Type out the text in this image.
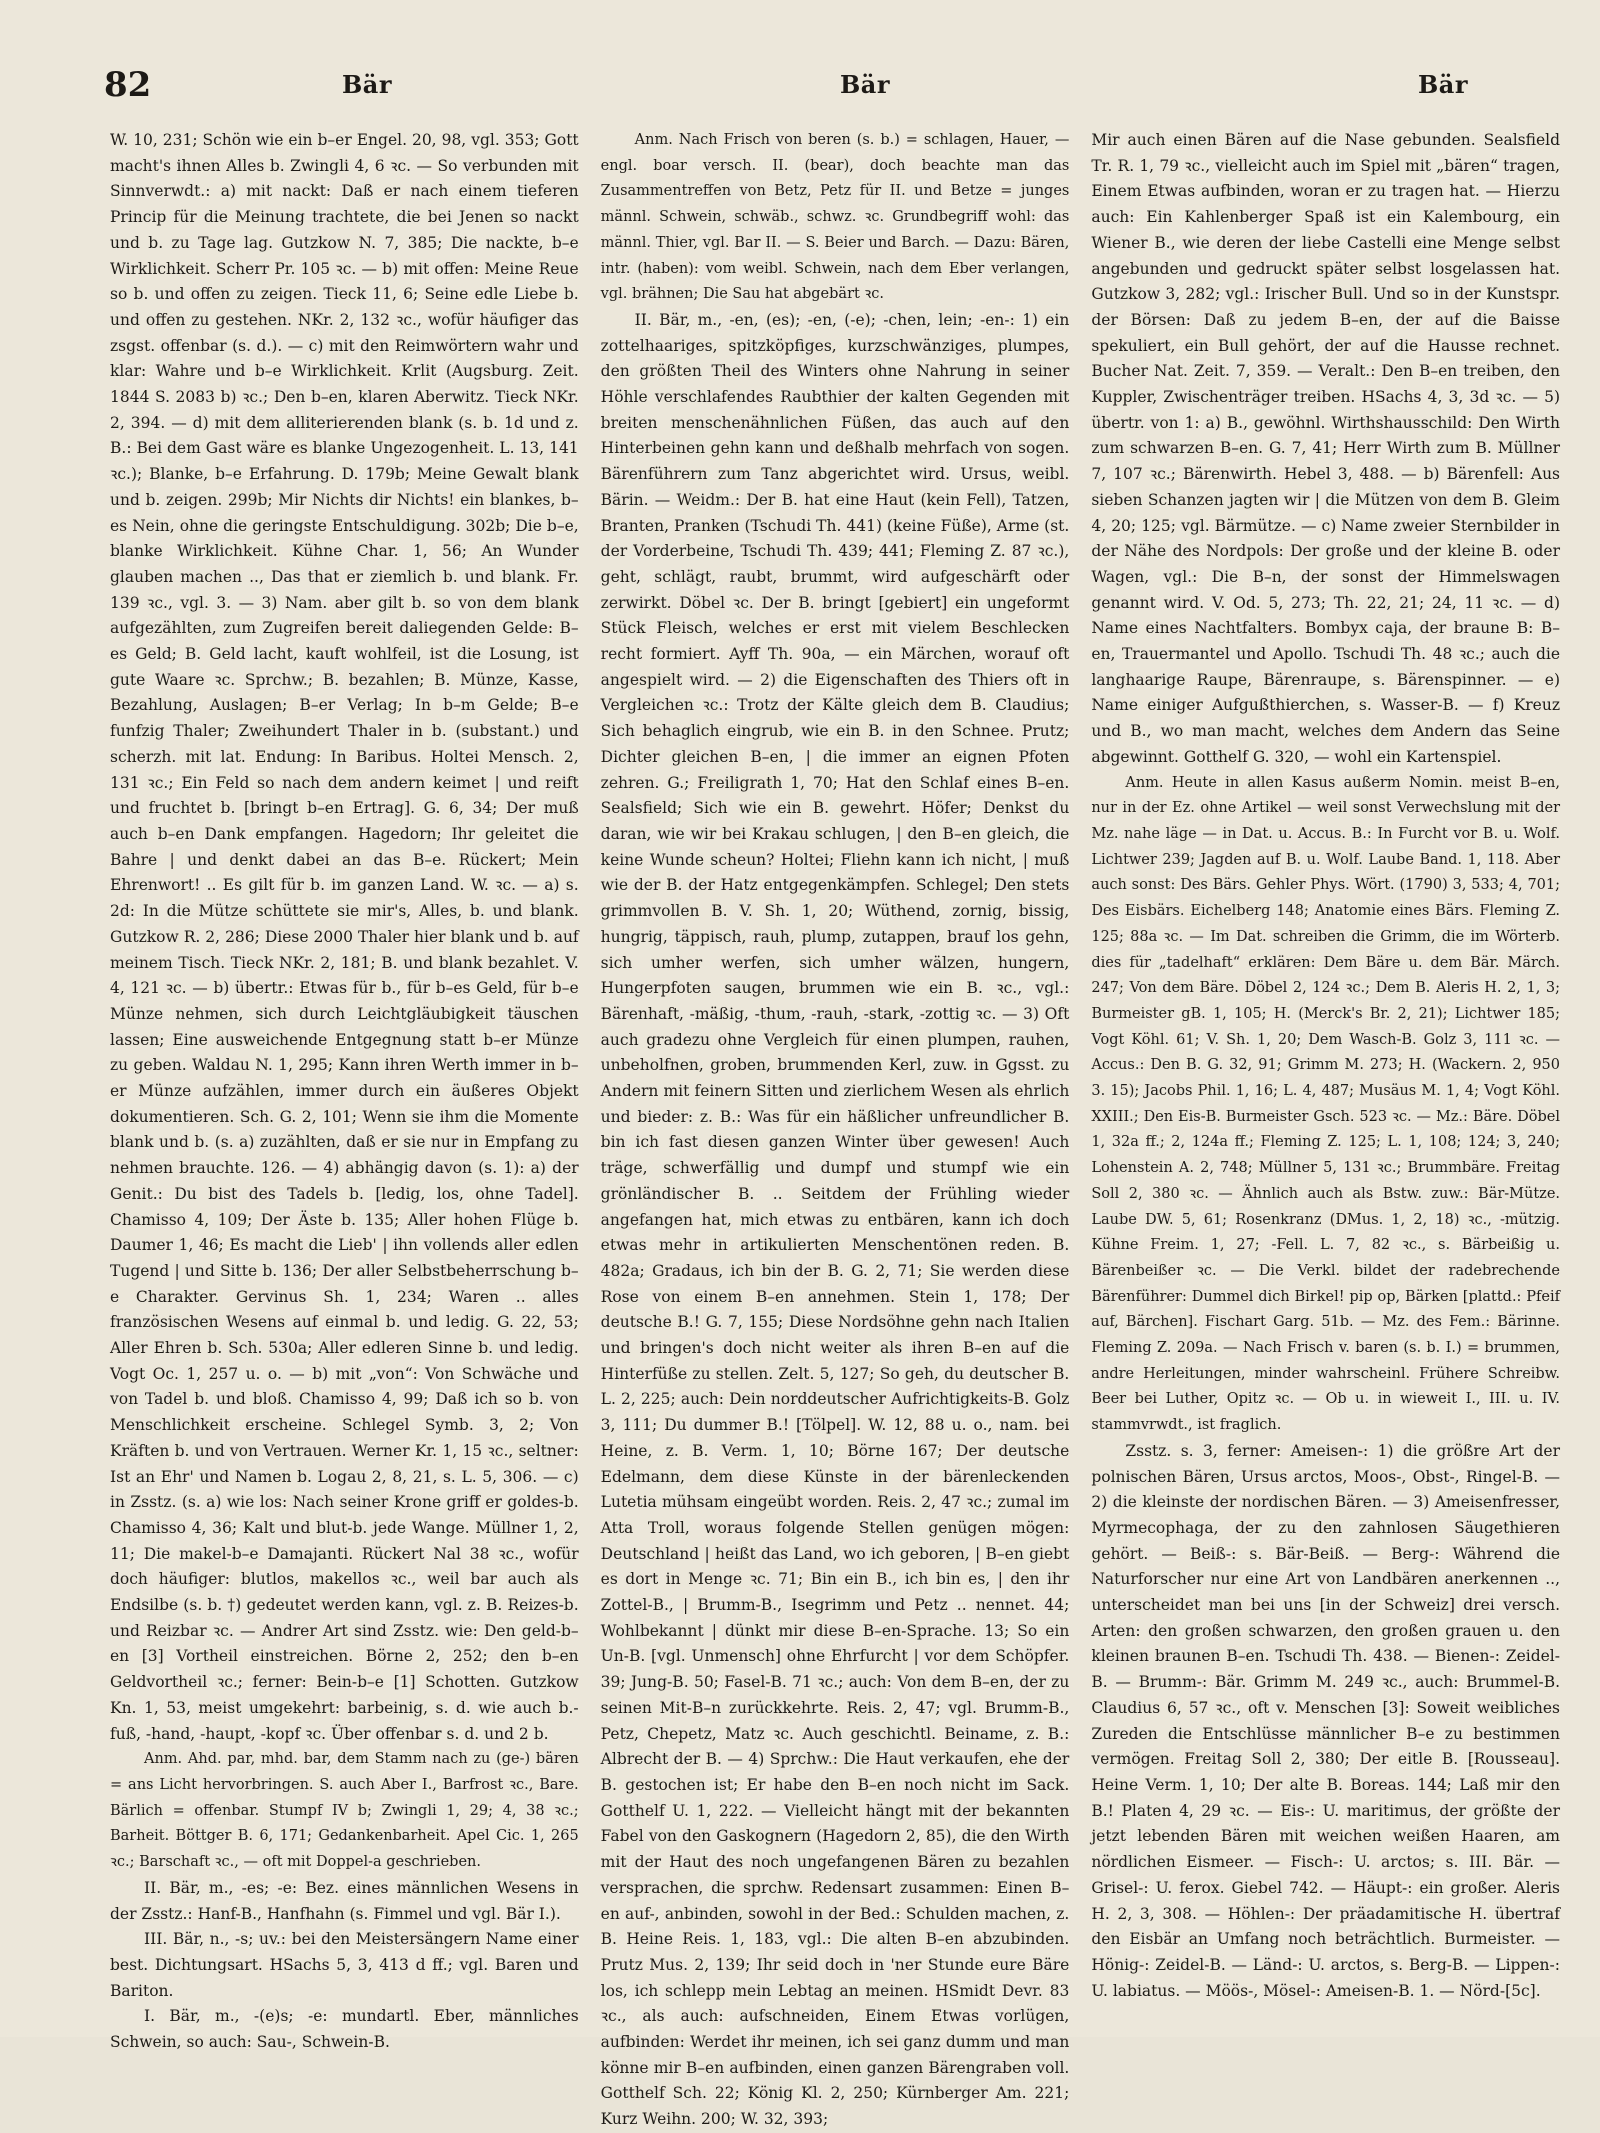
82	Bär	Bär	Bär

W. 10, 231; Schön wie ein b–er Engel. 20, 98, vgl. 353; Gott macht's ihnen Alles b. Zwingli 4, 6 ꝛc. — So verbunden mit Sinnverwdt.: a) mit nackt: Daß er nach einem tieferen Princip für die Meinung trachtete, die bei Jenen so nackt und b. zu Tage lag. Gutzkow N. 7, 385; Die nackte, b–e Wirklichkeit. Scherr Pr. 105 ꝛc. — b) mit offen: Meine Reue so b. und offen zu zeigen. Tieck 11, 6; Seine edle Liebe b. und offen zu gestehen. NKr. 2, 132 ꝛc., wofür häufiger das zsgst. offenbar (s. d.). — c) mit den Reimwörtern wahr und klar: Wahre und b–e Wirklichkeit. Krlit (Augsburg. Zeit. 1844 S. 2083 b) ꝛc.; Den b–en, klaren Aberwitz. Tieck NKr. 2, 394. — d) mit dem alliterierenden blank (s. b. 1d und z. B.: Bei dem Gast wäre es blanke Ungezogenheit. L. 13, 141 ꝛc.); Blanke, b–e Erfahrung. D. 179b; Meine Gewalt blank und b. zeigen. 299b; Mir Nichts dir Nichts! ein blankes, b–es Nein, ohne die geringste Entschuldigung. 302b; Die b–e, blanke Wirklichkeit. Kühne Char. 1, 56; An Wunder glauben machen .., Das that er ziemlich b. und blank. Fr. 139 ꝛc., vgl. 3. — 3) Nam. aber gilt b. so von dem blank aufgezählten, zum Zugreifen bereit daliegenden Gelde: B–es Geld; B. Geld lacht, kauft wohlfeil, ist die Losung, ist gute Waare ꝛc. Sprchw.; B. bezahlen; B. Münze, Kasse, Bezahlung, Auslagen; B–er Verlag; In b–m Gelde; B–e funfzig Thaler; Zweihundert Thaler in b. (substant.) und scherzh. mit lat. Endung: In Baribus. Holtei Mensch. 2, 131 ꝛc.; Ein Feld so nach dem andern keimet | und reift und fruchtet b. [bringt b–en Ertrag]. G. 6, 34; Der muß auch b–en Dank empfangen. Hagedorn; Ihr geleitet die Bahre | und denkt dabei an das B–e. Rückert; Mein Ehrenwort! .. Es gilt für b. im ganzen Land. W. ꝛc. — a) s. 2d: In die Mütze schüttete sie mir's, Alles, b. und blank. Gutzkow R. 2, 286; Diese 2000 Thaler hier blank und b. auf meinem Tisch. Tieck NKr. 2, 181; B. und blank bezahlet. V. 4, 121 ꝛc. — b) übertr.: Etwas für b., für b–es Geld, für b–e Münze nehmen, sich durch Leichtgläubigkeit täuschen lassen; Eine ausweichende Entgegnung statt b–er Münze zu geben. Waldau N. 1, 295; Kann ihren Werth immer in b–er Münze aufzählen, immer durch ein äußeres Objekt dokumentieren. Sch. G. 2, 101; Wenn sie ihm die Momente blank und b. (s. a) zuzählten, daß er sie nur in Empfang zu nehmen brauchte. 126. — 4) abhängig davon (s. 1): a) der Genit.: Du bist des Tadels b. [ledig, los, ohne Tadel]. Chamisso 4, 109; Der Äste b. 135; Aller hohen Flüge b. Daumer 1, 46; Es macht die Lieb' | ihn vollends aller edlen Tugend | und Sitte b. 136; Der aller Selbstbeherrschung b–e Charakter. Gervinus Sh. 1, 234; Waren .. alles französischen Wesens auf einmal b. und ledig. G. 22, 53; Aller Ehren b. Sch. 530a; Aller edleren Sinne b. und ledig. Vogt Oc. 1, 257 u. o. — b) mit „von“: Von Schwäche und von Tadel b. und bloß. Chamisso 4, 99; Daß ich so b. von Menschlichkeit erscheine. Schlegel Symb. 3, 2; Von Kräften b. und von Vertrauen. Werner Kr. 1, 15 ꝛc., seltner: Ist an Ehr' und Namen b. Logau 2, 8, 21, s. L. 5, 306. — c) in Zsstz. (s. a) wie los: Nach seiner Krone griff er goldes-b. Chamisso 4, 36; Kalt und blut-b. jede Wange. Müllner 1, 2, 11; Die makel-b–e Damajanti. Rückert Nal 38 ꝛc., wofür doch häufiger: blutlos, makellos ꝛc., weil bar auch als Endsilbe (s. b. †) gedeutet werden kann, vgl. z. B. Reizes-b. und Reizbar ꝛc. — Andrer Art sind Zsstz. wie: Den geld-b–en [3] Vortheil einstreichen. Börne 2, 252; den b–en Geldvortheil ꝛc.; ferner: Bein-b–e [1] Schotten. Gutzkow Kn. 1, 53, meist umgekehrt: barbeinig, s. d. wie auch b.-fuß, -hand, -haupt, -kopf ꝛc. Über offenbar s. d. und 2 b.

Anm. Ahd. par, mhd. bar, dem Stamm nach zu (ge-) bären = ans Licht hervorbringen. S. auch Aber I., Barfrost ꝛc., Bare. Bärlich = offenbar. Stumpf IV b; Zwingli 1, 29; 4, 38 ꝛc.; Barheit. Böttger B. 6, 171; Gedankenbarheit. Apel Cic. 1, 265 ꝛc.; Barschaft ꝛc., — oft mit Doppel-a geschrieben.

II. Bär, m., -es; -e: Bez. eines männlichen Wesens in der Zsstz.: Hanf-B., Hanfhahn (s. Fimmel und vgl. Bär I.).

III. Bär, n., -s; uv.: bei den Meistersängern Name einer best. Dichtungsart. HSachs 5, 3, 413 d ff.; vgl. Baren und Bariton.

I. Bär, m., -(e)s; -e: mundartl. Eber, männliches Schwein, so auch: Sau-, Schwein-B.

Anm. Nach Frisch von beren (s. b.) = schlagen, Hauer, — engl. boar versch. II. (bear), doch beachte man das Zusammentreffen von Betz, Petz für II. und Betze = junges männl. Schwein, schwäb., schwz. ꝛc. Grundbegriff wohl: das männl. Thier, vgl. Bar II. — S. Beier und Barch. — Dazu: Bären, intr. (haben): vom weibl. Schwein, nach dem Eber verlangen, vgl. brähnen; Die Sau hat abgebärt ꝛc.

II. Bär, m., -en, (es); -en, (-e); -chen, lein; -en-: 1) ein zottelhaariges, spitzköpfiges, kurzschwänziges, plumpes, den größten Theil des Winters ohne Nahrung in seiner Höhle verschlafendes Raubthier der kalten Gegenden mit breiten menschenähnlichen Füßen, das auch auf den Hinterbeinen gehn kann und deßhalb mehrfach von sogen. Bärenführern zum Tanz abgerichtet wird. Ursus, weibl. Bärin. — Weidm.: Der B. hat eine Haut (kein Fell), Tatzen, Branten, Pranken (Tschudi Th. 441) (keine Füße), Arme (st. der Vorderbeine, Tschudi Th. 439; 441; Fleming Z. 87 ꝛc.), geht, schlägt, raubt, brummt, wird aufgeschärft oder zerwirkt. Döbel ꝛc. Der B. bringt [gebiert] ein ungeformt Stück Fleisch, welches er erst mit vielem Beschlecken recht formiert. Ayff Th. 90a, — ein Märchen, worauf oft angespielt wird. — 2) die Eigenschaften des Thiers oft in Vergleichen ꝛc.: Trotz der Kälte gleich dem B. Claudius; Sich behaglich eingrub, wie ein B. in den Schnee. Prutz; Dichter gleichen B–en, | die immer an eignen Pfoten zehren. G.; Freiligrath 1, 70; Hat den Schlaf eines B–en. Sealsfield; Sich wie ein B. gewehrt. Höfer; Denkst du daran, wie wir bei Krakau schlugen, | den B–en gleich, die keine Wunde scheun? Holtei; Fliehn kann ich nicht, | muß wie der B. der Hatz entgegenkämpfen. Schlegel; Den stets grimmvollen B. V. Sh. 1, 20; Wüthend, zornig, bissig, hungrig, täppisch, rauh, plump, zutappen, brauf los gehn, sich umher werfen, sich umher wälzen, hungern, Hungerpfoten saugen, brummen wie ein B. ꝛc., vgl.: Bärenhaft, -mäßig, -thum, -rauh, -stark, -zottig ꝛc. — 3) Oft auch gradezu ohne Vergleich für einen plumpen, rauhen, unbeholfnen, groben, brummenden Kerl, zuw. in Ggsst. zu Andern mit feinern Sitten und zierlichem Wesen als ehrlich und bieder: z. B.: Was für ein häßlicher unfreundlicher B. bin ich fast diesen ganzen Winter über gewesen! Auch träge, schwerfällig und dumpf und stumpf wie ein grönländischer B. .. Seitdem der Frühling wieder angefangen hat, mich etwas zu entbären, kann ich doch etwas mehr in artikulierten Menschentönen reden. B. 482a; Gradaus, ich bin der B. G. 2, 71; Sie werden diese Rose von einem B–en annehmen. Stein 1, 178; Der deutsche B.! G. 7, 155; Diese Nordsöhne gehn nach Italien und bringen's doch nicht weiter als ihren B–en auf die Hinterfüße zu stellen. Zelt. 5, 127; So geh, du deutscher B. L. 2, 225; auch: Dein norddeutscher Aufrichtigkeits-B. Golz 3, 111; Du dummer B.! [Tölpel]. W. 12, 88 u. o., nam. bei Heine, z. B. Verm. 1, 10; Börne 167; Der deutsche Edelmann, dem diese Künste in der bärenleckenden Lutetia mühsam eingeübt worden. Reis. 2, 47 ꝛc.; zumal im Atta Troll, woraus folgende Stellen genügen mögen: Deutschland | heißt das Land, wo ich geboren, | B–en giebt es dort in Menge ꝛc. 71; Bin ein B., ich bin es, | den ihr Zottel-B., | Brumm-B., Isegrimm und Petz .. nennet. 44; Wohlbekannt | dünkt mir diese B–en-Sprache. 13; So ein Un-B. [vgl. Unmensch] ohne Ehrfurcht | vor dem Schöpfer. 39; Jung-B. 50; Fasel-B. 71 ꝛc.; auch: Von dem B–en, der zu seinen Mit-B–n zurückkehrte. Reis. 2, 47; vgl. Brumm-B., Petz, Chepetz, Matz ꝛc. Auch geschichtl. Beiname, z. B.: Albrecht der B. — 4) Sprchw.: Die Haut verkaufen, ehe der B. gestochen ist; Er habe den B–en noch nicht im Sack. Gotthelf U. 1, 222. — Vielleicht hängt mit der bekannten Fabel von den Gaskognern (Hagedorn 2, 85), die den Wirth mit der Haut des noch ungefangenen Bären zu bezahlen versprachen, die sprchw. Redensart zusammen: Einen B–en auf-, anbinden, sowohl in der Bed.: Schulden machen, z. B. Heine Reis. 1, 183, vgl.: Die alten B–en abzubinden. Prutz Mus. 2, 139; Ihr seid doch in 'ner Stunde eure Bäre los, ich schlepp mein Lebtag an meinen. HSmidt Devr. 83 ꝛc., als auch: aufschneiden, Einem Etwas vorlügen, aufbinden: Werdet ihr meinen, ich sei ganz dumm und man könne mir B–en aufbinden, einen ganzen Bärengraben voll. Gotthelf Sch. 22; König Kl. 2, 250; Kürnberger Am. 221; Kurz Weihn. 200; W. 32, 393;

Mir auch einen Bären auf die Nase gebunden. Sealsfield Tr. R. 1, 79 ꝛc., vielleicht auch im Spiel mit „bären“ tragen, Einem Etwas aufbinden, woran er zu tragen hat. — Hierzu auch: Ein Kahlenberger Spaß ist ein Kalembourg, ein Wiener B., wie deren der liebe Castelli eine Menge selbst angebunden und gedruckt später selbst losgelassen hat. Gutzkow 3, 282; vgl.: Irischer Bull. Und so in der Kunstspr. der Börsen: Daß zu jedem B–en, der auf die Baisse spekuliert, ein Bull gehört, der auf die Hausse rechnet. Bucher Nat. Zeit. 7, 359. — Veralt.: Den B–en treiben, den Kuppler, Zwischenträger treiben. HSachs 4, 3, 3d ꝛc. — 5) übertr. von 1: a) B., gewöhnl. Wirthshausschild: Den Wirth zum schwarzen B–en. G. 7, 41; Herr Wirth zum B. Müllner 7, 107 ꝛc.; Bärenwirth. Hebel 3, 488. — b) Bärenfell: Aus sieben Schanzen jagten wir | die Mützen von dem B. Gleim 4, 20; 125; vgl. Bärmütze. — c) Name zweier Sternbilder in der Nähe des Nordpols: Der große und der kleine B. oder Wagen, vgl.: Die B–n, der sonst der Himmelswagen genannt wird. V. Od. 5, 273; Th. 22, 21; 24, 11 ꝛc. — d) Name eines Nachtfalters. Bombyx caja, der braune B: B–en, Trauermantel und Apollo. Tschudi Th. 48 ꝛc.; auch die langhaarige Raupe, Bärenraupe, s. Bärenspinner. — e) Name einiger Aufgußthierchen, s. Wasser-B. — f) Kreuz und B., wo man macht, welches dem Andern das Seine abgewinnt. Gotthelf G. 320, — wohl ein Kartenspiel.

Anm. Heute in allen Kasus außerm Nomin. meist B–en, nur in der Ez. ohne Artikel — weil sonst Verwechslung mit der Mz. nahe läge — in Dat. u. Accus. B.: In Furcht vor B. u. Wolf. Lichtwer 239; Jagden auf B. u. Wolf. Laube Band. 1, 118. Aber auch sonst: Des Bärs. Gehler Phys. Wört. (1790) 3, 533; 4, 701; Des Eisbärs. Eichelberg 148; Anatomie eines Bärs. Fleming Z. 125; 88a ꝛc. — Im Dat. schreiben die Grimm, die im Wörterb. dies für „tadelhaft“ erklären: Dem Bäre u. dem Bär. Märch. 247; Von dem Bäre. Döbel 2, 124 ꝛc.; Dem B. Aleris H. 2, 1, 3; Burmeister gB. 1, 105; H. (Merck's Br. 2, 21); Lichtwer 185; Vogt Köhl. 61; V. Sh. 1, 20; Dem Wasch-B. Golz 3, 111 ꝛc. — Accus.: Den B. G. 32, 91; Grimm M. 273; H. (Wackern. 2, 950 3. 15); Jacobs Phil. 1, 16; L. 4, 487; Musäus M. 1, 4; Vogt Köhl. XXIII.; Den Eis-B. Burmeister Gsch. 523 ꝛc. — Mz.: Bäre. Döbel 1, 32a ff.; 2, 124a ff.; Fleming Z. 125; L. 1, 108; 124; 3, 240; Lohenstein A. 2, 748; Müllner 5, 131 ꝛc.; Brummbäre. Freitag Soll 2, 380 ꝛc. — Ähnlich auch als Bstw. zuw.: Bär-Mütze. Laube DW. 5, 61; Rosenkranz (DMus. 1, 2, 18) ꝛc., -mützig. Kühne Freim. 1, 27; -Fell. L. 7, 82 ꝛc., s. Bärbeißig u. Bärenbeißer ꝛc. — Die Verkl. bildet der radebrechende Bärenführer: Dummel dich Birkel! pip op, Bärken [plattd.: Pfeif auf, Bärchen]. Fischart Garg. 51b. — Mz. des Fem.: Bärinne. Fleming Z. 209a. — Nach Frisch v. baren (s. b. I.) = brummen, andre Herleitungen, minder wahrscheinl. Frühere Schreibw. Beer bei Luther, Opitz ꝛc. — Ob u. in wieweit I., III. u. IV. stammvrwdt., ist fraglich.

Zsstz. s. 3, ferner: Ameisen-: 1) die größre Art der polnischen Bären, Ursus arctos, Moos-, Obst-, Ringel-B. — 2) die kleinste der nordischen Bären. — 3) Ameisenfresser, Myrmecophaga, der zu den zahnlosen Säugethieren gehört. — Beiß-: s. Bär-Beiß. — Berg-: Während die Naturforscher nur eine Art von Landbären anerkennen .., unterscheidet man bei uns [in der Schweiz] drei versch. Arten: den großen schwarzen, den großen grauen u. den kleinen braunen B–en. Tschudi Th. 438. — Bienen-: Zeidel-B. — Brumm-: Bär. Grimm M. 249 ꝛc., auch: Brummel-B. Claudius 6, 57 ꝛc., oft v. Menschen [3]: Soweit weibliches Zureden die Entschlüsse männlicher B–e zu bestimmen vermögen. Freitag Soll 2, 380; Der eitle B. [Rousseau]. Heine Verm. 1, 10; Der alte B. Boreas. 144; Laß mir den B.! Platen 4, 29 ꝛc. — Eis-: U. maritimus, der größte der jetzt lebenden Bären mit weichen weißen Haaren, am nördlichen Eismeer. — Fisch-: U. arctos; s. III. Bär. — Grisel-: U. ferox. Giebel 742. — Häupt-: ein großer. Aleris H. 2, 3, 308. — Höhlen-: Der präadamitische H. übertraf den Eisbär an Umfang noch beträchtlich. Burmeister. — Hönig-: Zeidel-B. — Länd-: U. arctos, s. Berg-B. — Lippen-: U. labiatus. — Möös-, Mösel-: Ameisen-B. 1. — Nörd-[5c].
